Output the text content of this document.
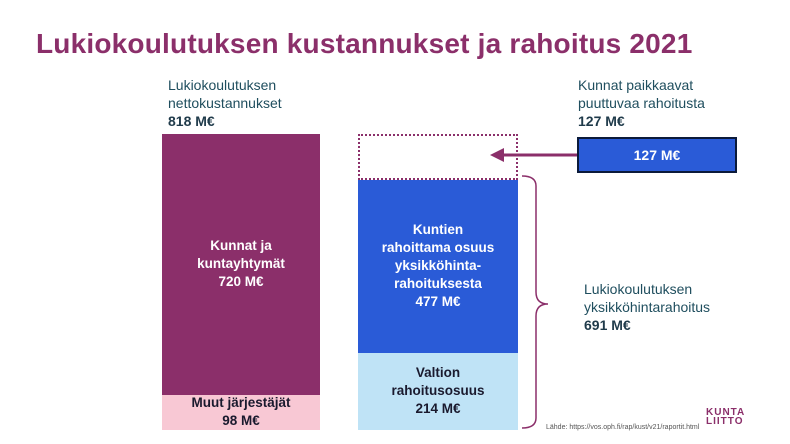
Lukiokoulutuksen kustannukset ja rahoitus 2021
Lukiokoulutuksen
nettokustannukset
818 M€
Kunnat paikkaavat
puuttuvaa rahoitusta
127 M€
Lukiokoulutuksen
yksikköhintarahoitus
691 M€
127 M€
Lähde: https://vos.oph.fi/rap/kust/v21/raportit.html
KUNTA
LIITTO
Muut järjestäjät
98 M€
Kunnat ja
kuntayhtymät
720 M€
Valtion
rahoitusosuus
214 M€
Kuntien
rahoittama osuus
yksikköhinta-
rahoituksesta
477 M€
